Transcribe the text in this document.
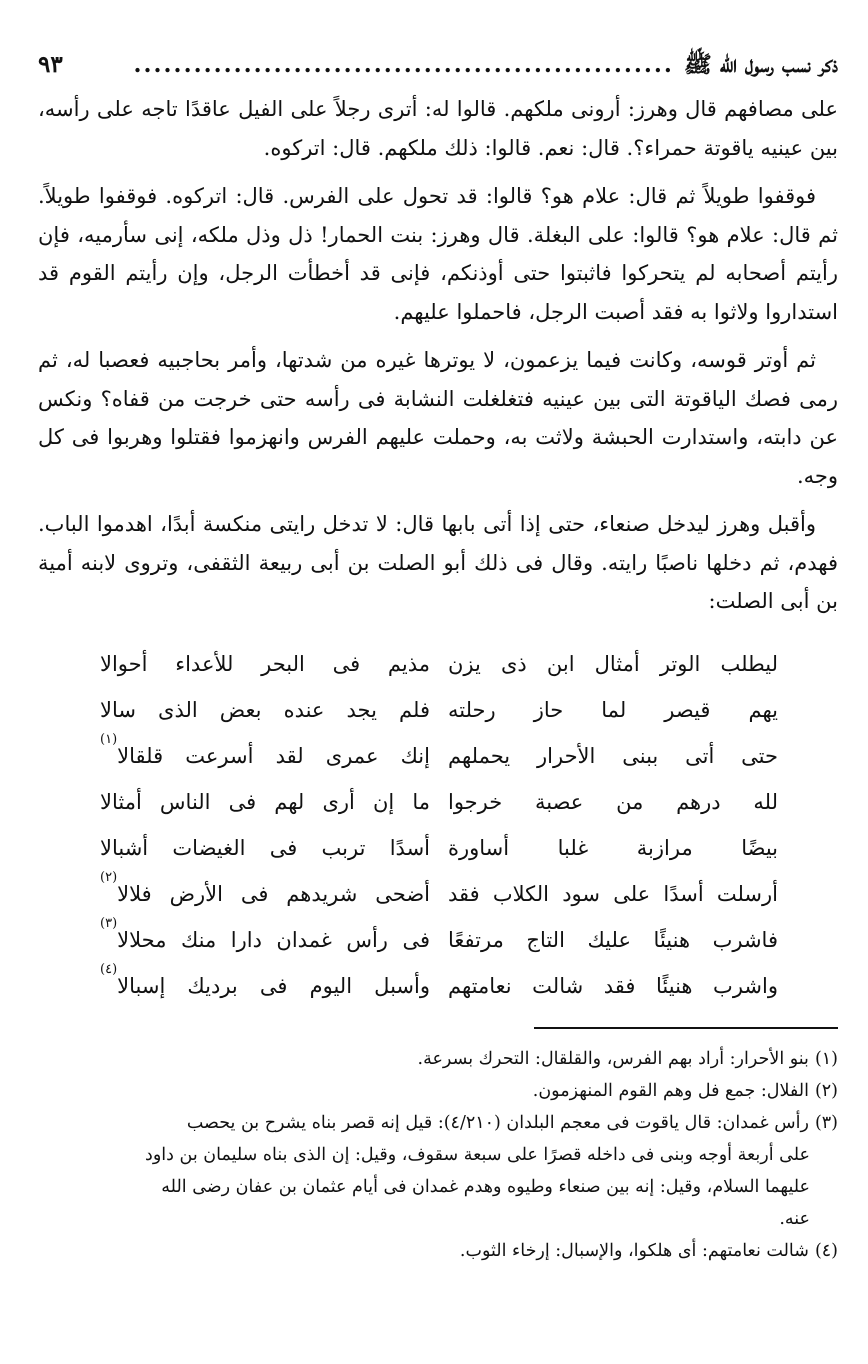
ذكر نسب رسول الله ﷺ
......................................................
٩٣

على مصافهم قال وهرز: أرونى ملكهم. قالوا له: أترى رجلاً على الفيل عاقدًا تاجه على رأسه، بين عينيه ياقوتة حمراء؟. قال: نعم. قالوا: ذلك ملكهم. قال: اتركوه.

فوقفوا طويلاً ثم قال: علام هو؟ قالوا: قد تحول على الفرس. قال: اتركوه. فوقفوا طويلاً. ثم قال: علام هو؟ قالوا: على البغلة. قال وهرز: بنت الحمار! ذل وذل ملكه، إنى سأرميه، فإن رأيتم أصحابه لم يتحركوا فاثبتوا حتى أوذنكم، فإنى قد أخطأت الرجل، وإن رأيتم القوم قد استداروا ولاثوا به فقد أصبت الرجل، فاحملوا عليهم.

ثم أوتر قوسه، وكانت فيما يزعمون، لا يوترها غيره من شدتها، وأمر بحاجبيه فعصبا له، ثم رمى فصك الياقوتة التى بين عينيه فتغلغلت النشابة فى رأسه حتى خرجت من قفاه؟ ونكس عن دابته، واستدارت الحبشة ولاثت به، وحملت عليهم الفرس وانهزموا فقتلوا وهربوا فى كل وجه.

وأقبل وهرز ليدخل صنعاء، حتى إذا أتى بابها قال: لا تدخل رايتى منكسة أبدًا، اهدموا الباب. فهدم، ثم دخلها ناصبًا رايته. وقال فى ذلك أبو الصلت بن أبى ربيعة الثقفى، وتروى لابنه أمية بن أبى الصلت:

ليطلب الوتر أمثال ابن ذى يزن
مذيم فى البحر للأعداء أحوالا
يهم قيصر لما حاز رحلته
فلم يجد عنده بعض الذى سالا
حتى أتى ببنى الأحرار يحملهم
إنك عمرى لقد أسرعت قلقالا$^{(١)}$
لله درهم من عصبة خرجوا
ما إن أرى لهم فى الناس أمثالا
بيضًا مرازبة غلبا أساورة
أسدًا تربب فى الغيضات أشبالا
أرسلت أسدًا على سود الكلاب فقد
أضحى شريدهم فى الأرض فلالا$^{(٢)}$
فاشرب هنيئًا عليك التاج مرتفعًا
فى رأس غمدان دارا منك محلالا$^{(٣)}$
واشرب هنيئًا فقد شالت نعامتهم
وأسبل اليوم فى برديك إسبالا$^{(٤)}$

(١)بنو الأحرار: أراد بهم الفرس، والقلقال: التحرك بسرعة.

(٢)الفلال: جمع فل وهم القوم المنهزمون.

(٣)رأس غمدان: قال ياقوت فى معجم البلدان (٤/٢١٠): قيل إنه قصر بناه يشرح بن يحصب

على أربعة أوجه وبنى فى داخله قصرًا على سبعة سقوف، وقيل: إن الذى بناه سليمان بن داود

عليهما السلام، وقيل: إنه بين صنعاء وطيوه وهدم غمدان فى أيام عثمان بن عفان رضى الله

عنه.

(٤)شالت نعامتهم: أى هلكوا، والإسبال: إرخاء الثوب.
